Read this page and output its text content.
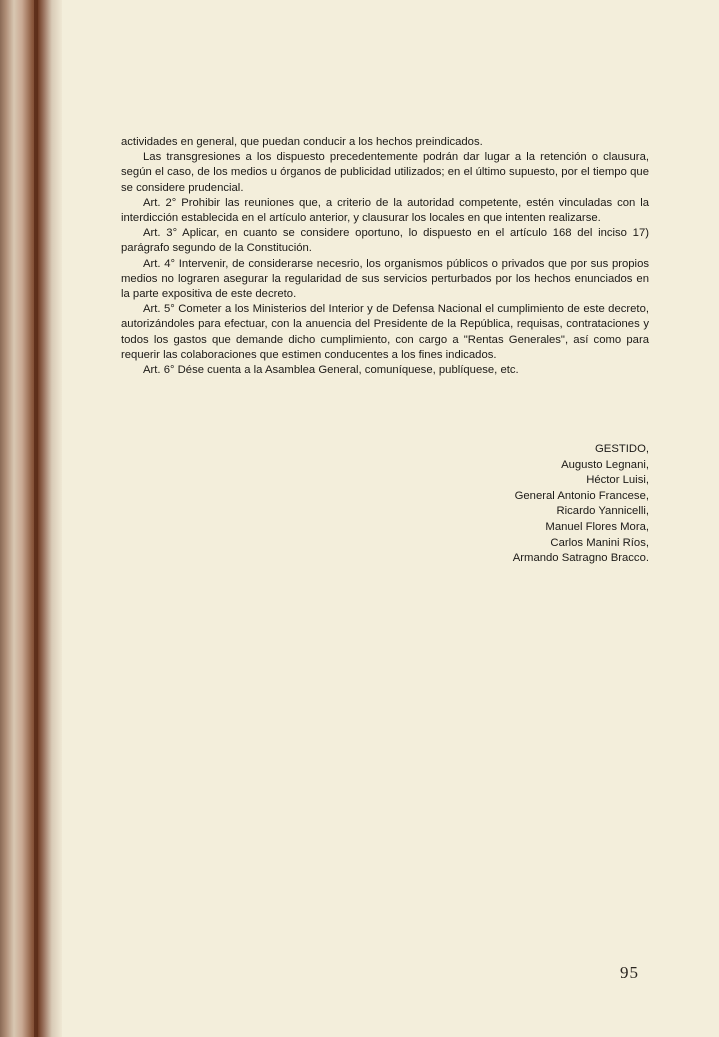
actividades en general, que puedan conducir a los hechos preindicados.

Las transgresiones a los dispuesto precedentemente podrán dar lugar a la retención o clausura, según el caso, de los medios u órganos de publicidad utilizados; en el último supuesto, por el tiempo que se considere prudencial.

Art. 2° Prohibir las reuniones que, a criterio de la autoridad competente, estén vinculadas con la interdicción establecida en el artículo anterior, y clausurar los locales en que intenten realizarse.

Art. 3° Aplicar, en cuanto se considere oportuno, lo dispuesto en el artículo 168 del inciso 17) parágrafo segundo de la Constitución.

Art. 4° Intervenir, de considerarse necesrio, los organismos públicos o privados que por sus propios medios no lograren asegurar la regularidad de sus servicios perturbados por los hechos enunciados en la parte expositiva de este decreto.

Art. 5° Cometer a los Ministerios del Interior y de Defensa Nacional el cumplimiento de este decreto, autorizándoles para efectuar, con la anuencia del Presidente de la República, requisas, contrataciones y todos los gastos que demande dicho cumplimiento, con cargo a "Rentas Generales", así como para requerir las colaboraciones que estimen conducentes a los fines indicados.

Art. 6° Dése cuenta a la Asamblea General, comuníquese, publíquese, etc.

GESTIDO,
Augusto Legnani,
Héctor Luisi,
General Antonio Francese,
Ricardo Yannicelli,
Manuel Flores Mora,
Carlos Manini Ríos,
Armando Satragno Bracco.
95
